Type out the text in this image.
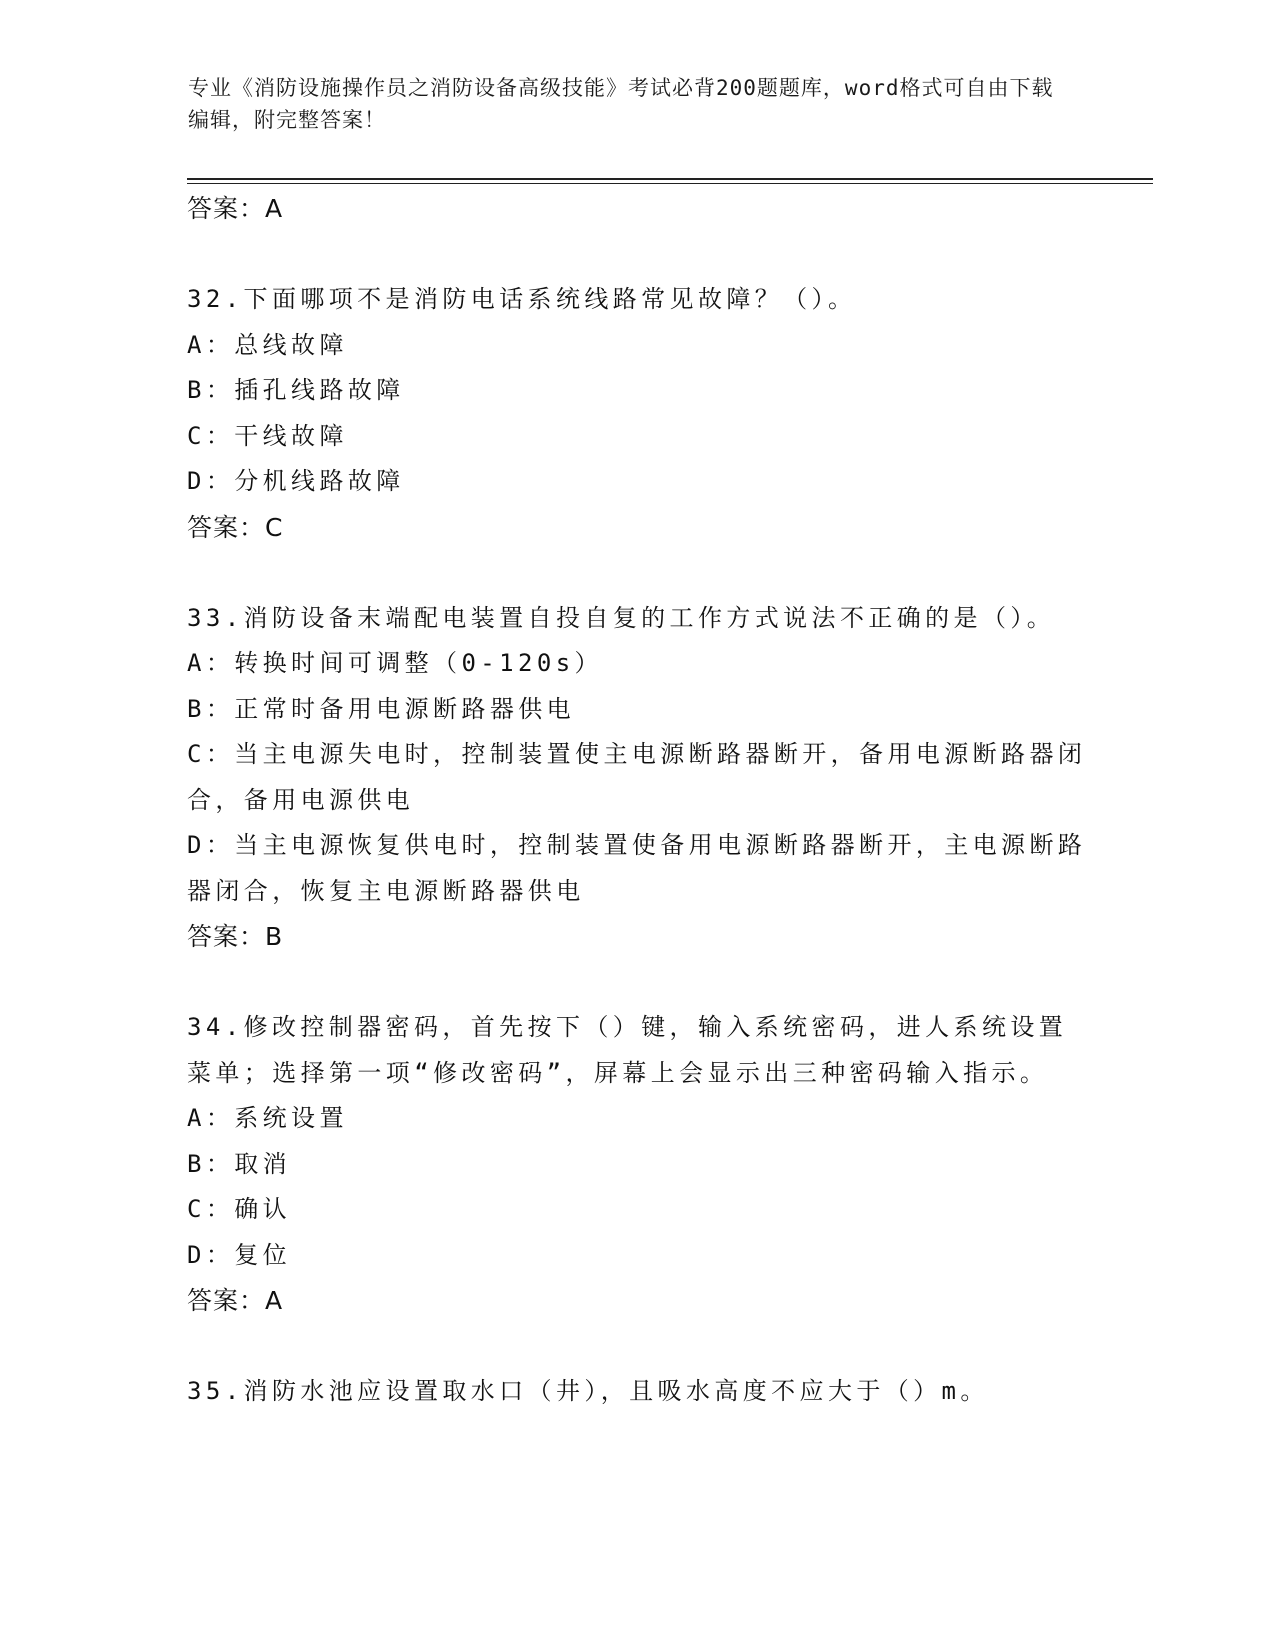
专业《消防设施操作员之消防设备高级技能》考试必背200题题库，word格式可自由下载编辑，附完整答案！
答案：A
32.下面哪项不是消防电话系统线路常见故障？（）。
A：总线故障
B：插孔线路故障
C：干线故障
D：分机线路故障
答案：C
33.消防设备末端配电装置自投自复的工作方式说法不正确的是（）。
A：转换时间可调整（0-120s）
B：正常时备用电源断路器供电
C：当主电源失电时，控制装置使主电源断路器断开，备用电源断路器闭合，备用电源供电
D：当主电源恢复供电时，控制装置使备用电源断路器断开，主电源断路器闭合，恢复主电源断路器供电
答案：B
34.修改控制器密码，首先按下（）键，输入系统密码，进人系统设置菜单；选择第一项“修改密码”，屏幕上会显示出三种密码输入指示。
A：系统设置
B：取消
C：确认
D：复位
答案：A
35.消防水池应设置取水口（井），且吸水高度不应大于（）m。
